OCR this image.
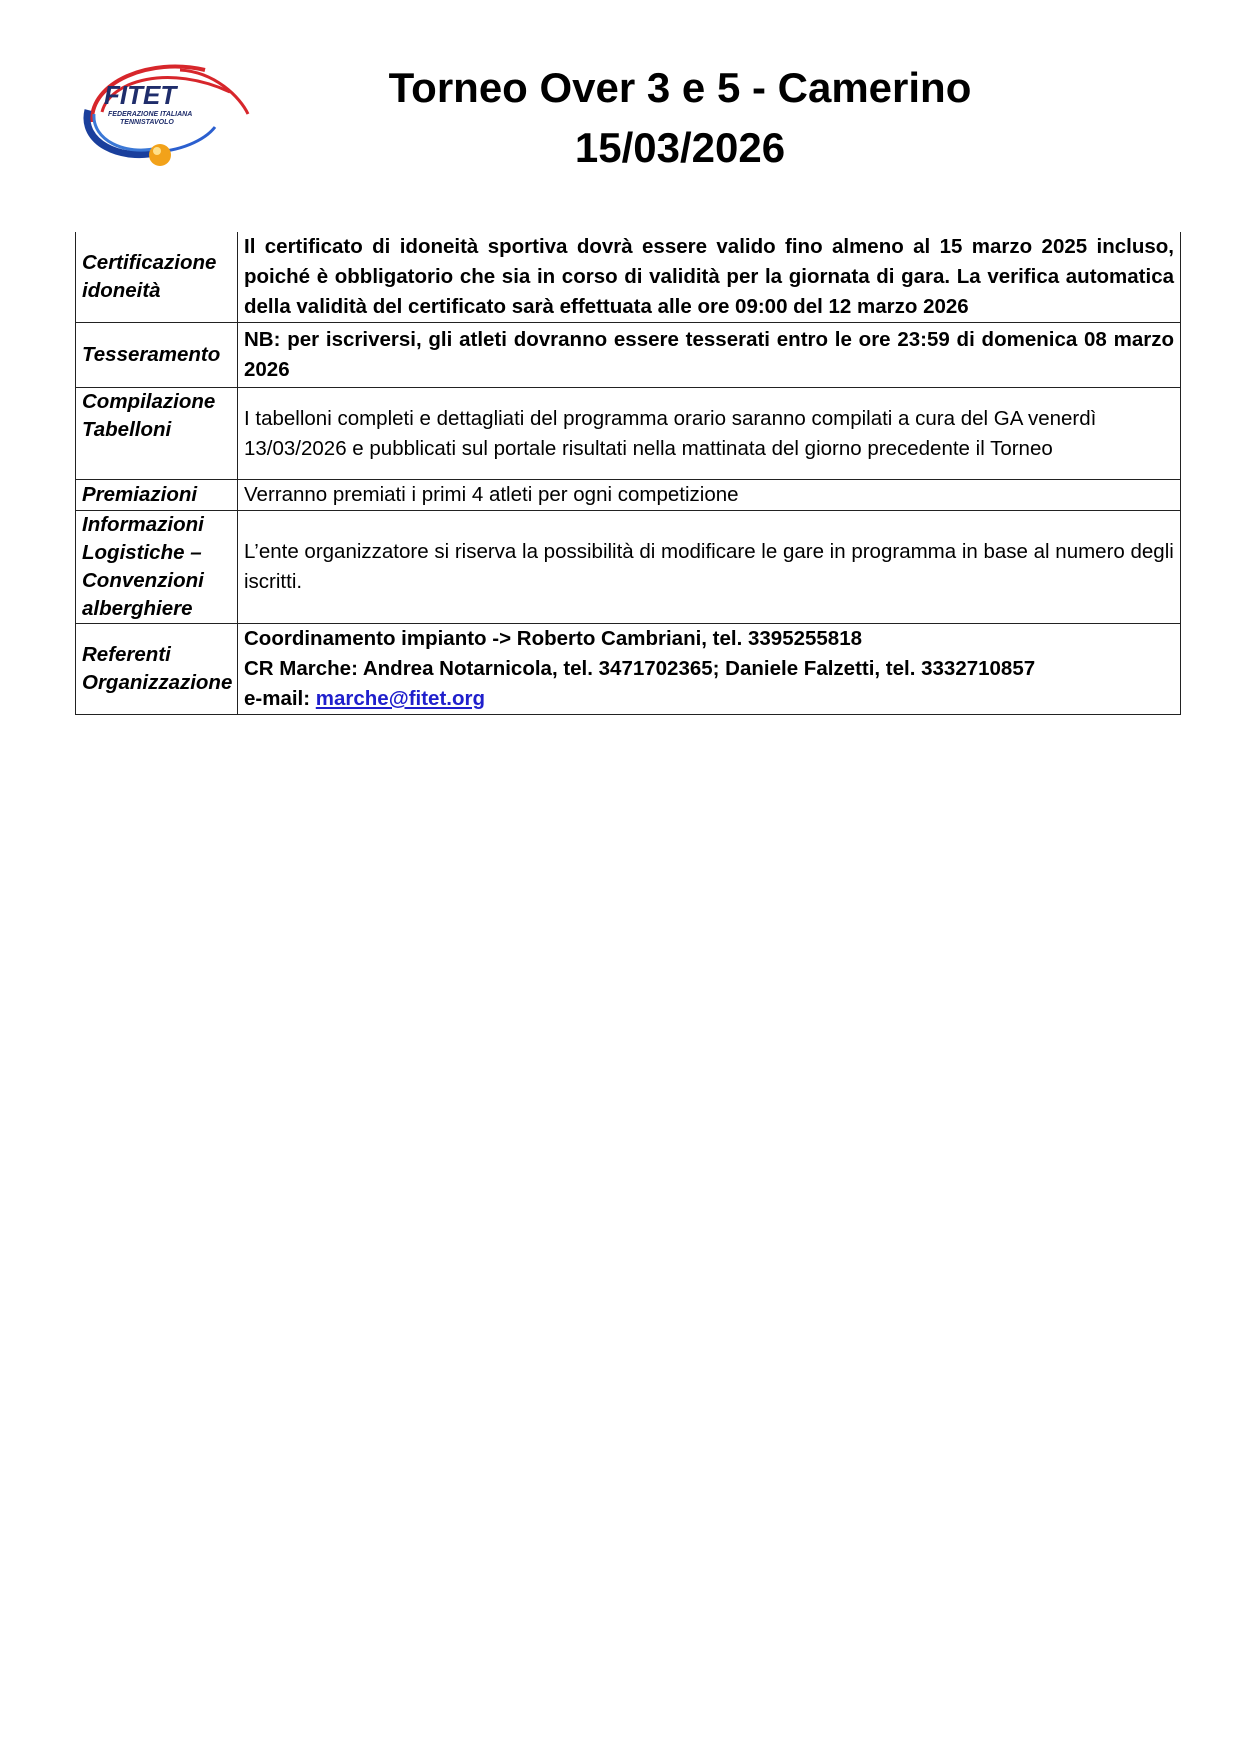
FITET
FEDERAZIONE ITALIANA
TENNISTAVOLO
Torneo Over 3 e 5 - Camerino
15/03/2026
Certificazione idoneità	Il certificato di idoneità sportiva dovrà essere valido fino almeno al 15 marzo 2025 incluso, poiché è obbligatorio che sia in corso di validità per la giornata di gara. La verifica automatica della validità del certificato sarà effettuata alle ore 09:00 del 12 marzo 2026
Tesseramento	NB: per iscriversi, gli atleti dovranno essere tesserati entro le ore 23:59 di domenica 08 marzo 2026
Compilazione Tabelloni	I tabelloni completi e dettagliati del programma orario saranno compilati a cura del GA venerdì 13/03/2026 e pubblicati sul portale risultati nella mattinata del giorno precedente il Torneo
Premiazioni	Verranno premiati i primi 4 atleti per ogni competizione
Informazioni Logistiche – Convenzioni alberghiere	L’ente organizzatore si riserva la possibilità di modificare le gare in programma in base al numero degli iscritti.
Referenti Organizzazione	Coordinamento impianto -> Roberto Cambriani, tel. 3395255818
CR Marche: Andrea Notarnicola, tel. 3471702365; Daniele Falzetti, tel. 3332710857
e-mail: marche@fitet.org
